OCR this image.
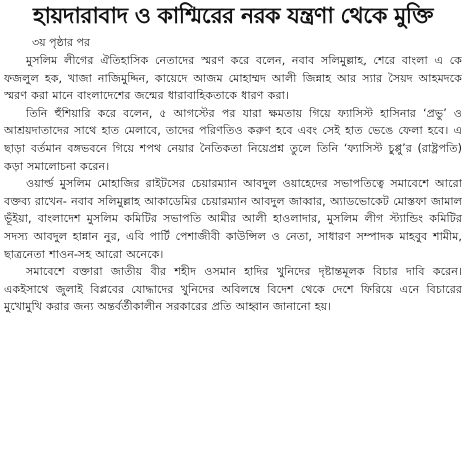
হায়দারাবাদ ও কাশ্মিরের নরক যন্ত্রণা থেকে মুক্তি
৩য় পৃষ্ঠার পর

মুসলিম লীগের ঐতিহাসিক নেতাদের স্মরণ করে বলেন, নবাব সলিমুল্লাহ, শেরে বাংলা এ কে ফজলুল হক, খাজা নাজিমুদ্দিন, কায়েদে আজম মোহাম্মদ আলী জিন্নাহ আর স্যার সৈয়দ আহমদকে স্মরণ করা মানে বাংলাদেশের জন্মের ধারাবাহিকতাকে ধারণ করা।

তিনি হুঁশিয়ারি করে বলেন, ৫ আগস্টের পর যারা ক্ষমতায় গিয়ে ফ্যাসিস্ট হাসিনার ‘প্রভু’ ও আশ্রয়দাতাদের সাথে হাত মেলাবে, তাদের পরিণতিও করুণ হবে এবং সেই হাত ভেঙে ফেলা হবে। এ ছাড়া বর্তমান বঙ্গভবনে গিয়ে শপথ নেয়ার নৈতিকতা নিয়েপ্রশ্ন তুলে তিনি ‘ফ্যাসিস্ট চুপ্পু’র (রাষ্ট্রপতি) কড়া সমালোচনা করেন।

ওয়ার্ল্ড মুসলিম মোহাজির রাইটসের চেয়ারম্যান আবদুল ওয়াহেদের সভাপতিত্বে সমাবেশে আরো বক্তব্য রাখেন- নবাব সলিমুল্লাহ আকাডেমির চেয়ারম্যান আবদুল জাব্বার, অ্যাডভোকেট মোস্তফা জামাল ভূঁইয়া, বাংলাদেশ মুসলিম কমিটির সভাপতি আমীর আলী হাওলাদার, মুসলিম লীগ স্ট্যান্ডিং কমিটির সদস্য আবদুল হান্নান নুর, এবি পার্টি পেশাজীবী কাউন্সিল ও নেতা, সাধারণ সম্পাদক মাহবুব শামীম, ছাত্রনেতা শাওন-সহ আরো অনেকে।

সমাবেশে বক্তারা জাতীয় বীর শহীদ ওসমান হাদির খুনিদের দৃষ্টান্তমূলক বিচার দাবি করেন। একইসাথে জুলাই বিপ্লবের যোদ্ধাদের খুনিদের অবিলম্বে বিদেশ থেকে দেশে ফিরিয়ে এনে বিচারের মুখোমুখি করার জন্য অন্তর্বর্তীকালীন সরকারের প্রতি আহ্বান জানানো হয়।
